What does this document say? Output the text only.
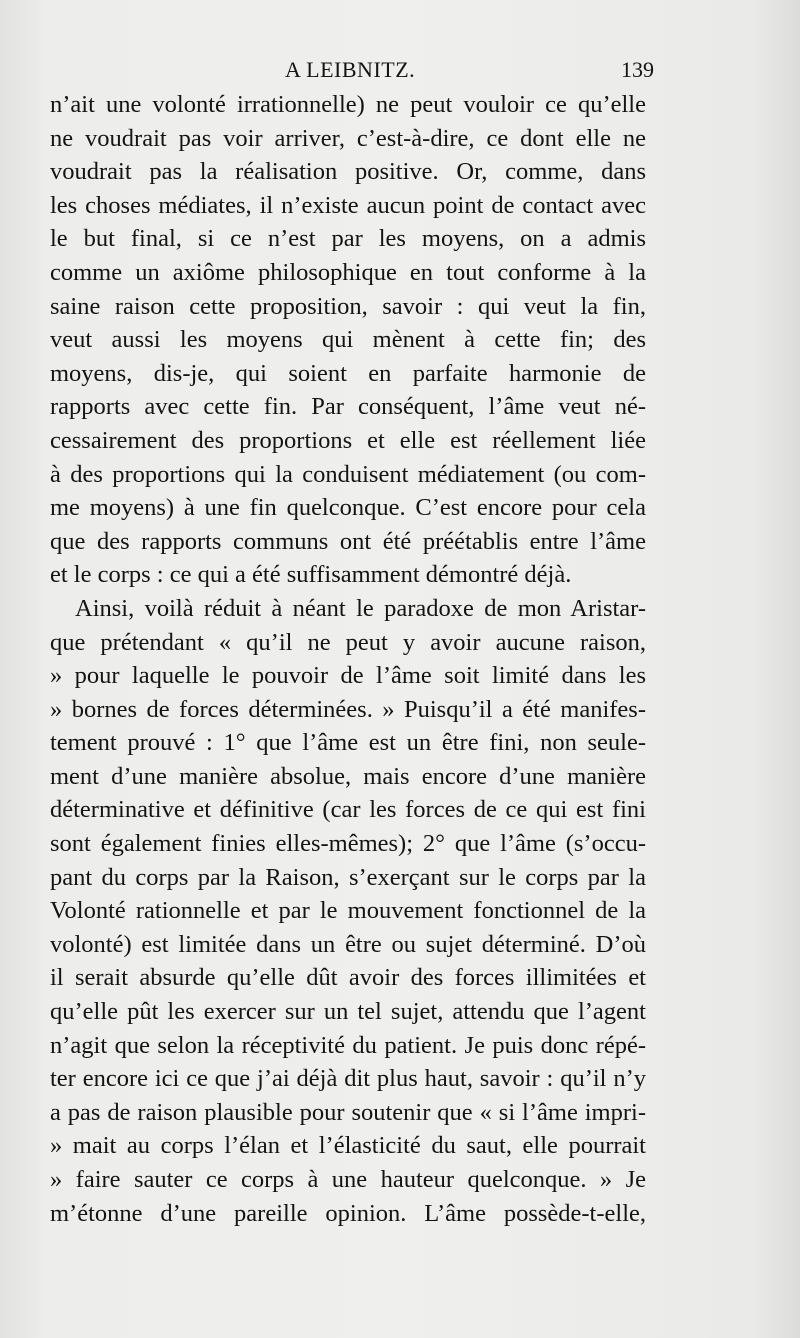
A LEIBNITZ.	139
n’ait une volonté irrationnelle) ne peut vouloir ce qu’elle
ne voudrait pas voir arriver, c’est-à-dire, ce dont elle ne
voudrait pas la réalisation positive. Or, comme, dans
les choses médiates, il n’existe aucun point de contact avec
le but final, si ce n’est par les moyens, on a admis
comme un axiôme philosophique en tout conforme à la
saine raison cette proposition, savoir : qui veut la fin,
veut aussi les moyens qui mènent à cette fin; des
moyens, dis-je, qui soient en parfaite harmonie de
rapports avec cette fin. Par conséquent, l’âme veut né-
cessairement des proportions et elle est réellement liée
à des proportions qui la conduisent médiatement (ou com-
me moyens) à une fin quelconque. C’est encore pour cela
que des rapports communs ont été préétablis entre l’âme
et le corps : ce qui a été suffisamment démontré déjà.
Ainsi, voilà réduit à néant le paradoxe de mon Aristar-
que prétendant « qu’il ne peut y avoir aucune raison,
» pour laquelle le pouvoir de l’âme soit limité dans les
» bornes de forces déterminées. » Puisqu’il a été manifes-
tement prouvé : 1° que l’âme est un être fini, non seule-
ment d’une manière absolue, mais encore d’une manière
déterminative et définitive (car les forces de ce qui est fini
sont également finies elles-mêmes); 2° que l’âme (s’occu-
pant du corps par la Raison, s’exerçant sur le corps par la
Volonté rationnelle et par le mouvement fonctionnel de la
volonté) est limitée dans un être ou sujet déterminé. D’où
il serait absurde qu’elle dût avoir des forces illimitées et
qu’elle pût les exercer sur un tel sujet, attendu que l’agent
n’agit que selon la réceptivité du patient. Je puis donc répé-
ter encore ici ce que j’ai déjà dit plus haut, savoir : qu’il n’y
a pas de raison plausible pour soutenir que « si l’âme impri-
» mait au corps l’élan et l’élasticité du saut, elle pourrait
» faire sauter ce corps à une hauteur quelconque. » Je
m’étonne d’une pareille opinion. L’âme possède-t-elle,
